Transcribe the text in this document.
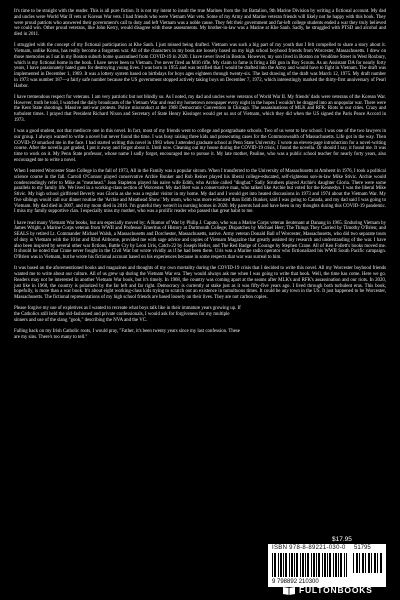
It's time to be straight with the reader. This is all pure fiction. It is not my intent to insult the true Marines from the 1st Battalion, 9th Marine Division by writing a fictional account. My dad and uncles were World War II vets or Korean War vets. I had friends who were Vietnam War vets. Some of my Army and Marine veteran friends will likely not be happy with this book. They were proud patriots who answered their government's call to duty and left Vietnam was a noble cause. They felt their government and far-left college students ended a war they truly believed we could win. Other proud veterans, like John Kerry, would disagree with those assessments. My brother-in-law was a Marine at Khe Sanh. Sadly, he struggled with PTSD and alcohol and died in 2011.

I struggled with the concept of my fictional participation at Khe Sanh. I just missed being drafted. Vietnam was such a big part of my youth that I felt compelled to share a story about it. Vietnam, unlike Korea, has really become a forgotten war. All of the characters in my book are loosely based on my high school boyhood friends from Worcester, Massachusetts. I drew on those memories as I sat in my Boston suburb home quarantined from COVID-19 in 2020. I have never lived in Boston. However, my son lived in Boston on Vendôme Street in West Roxbury, which is my fictional home in the book. I have never been to Vietnam. I've never fired an M16 rifle. My claim to fame is firing a BB gun in Boy Scouts. As an Assistant DA for nearly forty years, I have passionately hated guns for destroying young lives. I was born in 1955 and was terrified that I would be drafted into the Army and would have to fight in Vietnam. The draft was implemented in December 1, 1969. It was a lottery system based on birthdays for boys ages eighteen through twenty-six. The last drawing of the draft was March 12, 1975. My draft number in 1973 was number 187—a fairly safe number because the US government stopped actively taking boys on December 7, 1972, which interestingly marked the thirty-first anniversary of Pearl Harbor.

I have tremendous respect for veterans. I am very patriotic but not blindly so. As I noted, my dad and uncles were veterans of World War II. My friends' dads were veterans of the Korean War. However, truth be told, I watched the daily broadcasts of the Vietnam War and read my hometown newspaper every night in the hopes I wouldn't be dragged into an unpopular war. There were the Kent State shootings. Massive anti-war protests. Police misconduct at the 1968 Democratic Convention in Chicago. The assassinations of MLK and RFK. Riots in our cities. Crazy and turbulent times. I prayed that President Richard Nixon and Secretary of State Henry Kissinger would get us out of Vietnam, which they did when the US signed the Paris Peace Accord in 1973.

I was a good student, not that mediocre one in this novel. In fact, most of my friends went to college and postgraduate schools. Two of us went to law school. I was one of the two lawyers in our group. I always wanted to write a novel but never found the time. I was busy raising three kids and prosecuting cases for the Commonwealth of Massachusetts. Life got in the way. Then COVID-19 smacked me in the face. I had started writing this novel in 1983 when I attended graduate school at Penn State University. I wrote an eleven-page introduction for a novel-writing course. After the novella got graded, I put it away and forgot about it. Until now. Cleaning out my house during the COVID-19 crisis, I found the novella. Or should I say, it found me. It was time to work on it. My Penn State professor, whose name I sadly forget, encouraged me to pursue it. My late mother, Pauline, who was a public school teacher for nearly forty years, also encouraged me to write a novel.

When I entered Worcester State College in the fall of 1973, All in the Family was a popular sitcom. When I transferred to the University of Massachusetts at Amherst in 1976, I took a political science course in the fall. Carroll O'Connor played conservative Archie Bunker and Rob Reiner played his liberal college-educated, self-righteous son-in-law Mike Stivic. Archie would condescendingly refer to Mike as "meathead." Jean Stapleton played his naive wife Edith, who Archie called "dingbat." Sally Struthers played Archie's daughter Gloria. There were some parallels to my family life. We lived in a working-class section of Worcester. My dad Bert was a conservative man, who talked like Archie but voted for the Kennedys. I was the liberal Mike Stivic. My high school girlfriend Beverly was Gloria as she was a regular visitor in my home. My dad and I would get into heated discussions in 1973 and 1974 about the Vietnam War. My five siblings would call our dinner routine the 'Archie and Meathead Show.' My mom, who was more educated than Edith Bunker, said I was going to Canada, and my dad said I was going to Vietnam. My dad died in 2007, and my mom died in 2016. I'm grateful they weren't in nursing homes in 2020. My parents had and have been in my thoughts during this COVID-19 pandemic. I miss my family supportive clan. I especially miss my mother, who was a prolific reader who passed that great habit to me.

I have read many Vietnam War books, but am especially moved by: A Rumor of War by Philip J. Caputo, who was a Marine Corps veteran lieutenant at Danang in 1965. Enduring Vietnam by James Wright, a Marine Corps veteran from WWII and Professor Emeritus of History at Dartmouth College; Dispatches by Michael Herr; The Things They Carried by Timothy O'Brien; and SEALS by retired Lt. Commander Michael Walsh, a Massachusetts and Dorchester, Massachusetts, native. Army veteran Donald Ball of Worcester, Massachusetts, who did two separate tours of duty in Vietnam with the 101st and 82nd Airborne, provided me with sage advice and copies of Vietnam Magazine that greatly assisted my research and understanding of the war. I have also been inspired by several other war fictions, Battle Cry by Leon Uris, Catch-22 by Joseph Heller, and The Red Badge of Courage by Stephen Crane. All of Ken Follett's books moved me. It should be noted that Crane never fought in the Civil War but wrote vividly as if he had been there. Uris was a Marine radio operator who fictionalized his WWII South Pacific campaign. O'Brien was in Vietnam, but he wrote his fictional account based on his experiences because in some respects that war was surreal to him.

It was based on the aforementioned books and magazines and thoughts of my own mortality during the COVID-19 crisis that I decided to write this novel. All my Worcester boyhood friends wanted me to write about our culture. All of us grew up during the Vietnam War era. They would always ask me when I was going to write that book. Well, the time has come. Here we go. Readers may not be interested in another Vietnam War book, but it's timely. In 1968, the country was coming apart at the seams after MLK's and RFK's assassination and our riots. In 2020, just like in 1968, the country is polarized by the far left and far right. Democracy is currently at stake just as it was fifty-five years ago. I lived through both turbulent eras. This book, hopefully, is more than a war book. It's about eight working-class kids trying to scratch out an existence in tumultuous times. It could be any town in the US. It just happened to be Worcester, Massachusetts. The fictional representations of my high school friends are based loosely on their lives. They are not carbon copies.

Please forgive my use of expletives as I wanted to recreate what boys talk like in their immature years growing up. If the Catholics still held the old-fashioned and private confessionals, I would ask for forgiveness for my multiple sinners and use of the slang "gook," describing the NVA and the VC.

Falling back on my Irish Catholic roots, I would pray, "Father, it's been twenty years since my last confession. These are my sins. There's too many to tell."

$17.95
ISBN 978-8-89221-030-0 51795
9 798892 210300
FULTONBOOKS
